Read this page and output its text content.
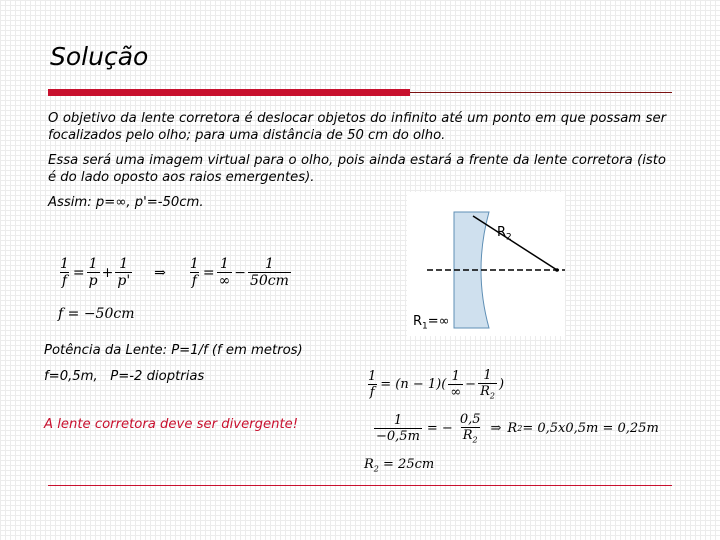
Solução
O objetivo da lente corretora é deslocar objetos do infinito até um ponto em que possam ser focalizados pelo olho; para uma distância de 50 cm do olho.
Essa será uma imagem virtual para o olho, pois ainda estará a frente da lente corretora (isto é do lado oposto aos raios emergentes).
Assim: p=∞, p'=-50cm.
$\frac{1}{f} = \frac{1}{p} + \frac{1}{p'}$ ⇒ $\frac{1}{f} = \frac{1}{\infty} - \frac{1}{50cm}$
f = −50cm
$R_2$
$R_1=\infty$
Potência da Lente: P=1/f (f em metros)
f=0,5m,   P=-2 dioptrias
A lente corretora deve ser divergente!
$\frac{1}{f} = (n - 1)( \frac{1}{\infty} - \frac{1}{R_2}$ )
$\frac{1}{-0,5m}$ = − $\frac{0,5}{R_2}$ ⇒ R 2 = 0,5x0,5m = 0,25m
$R_2 = 25cm$
